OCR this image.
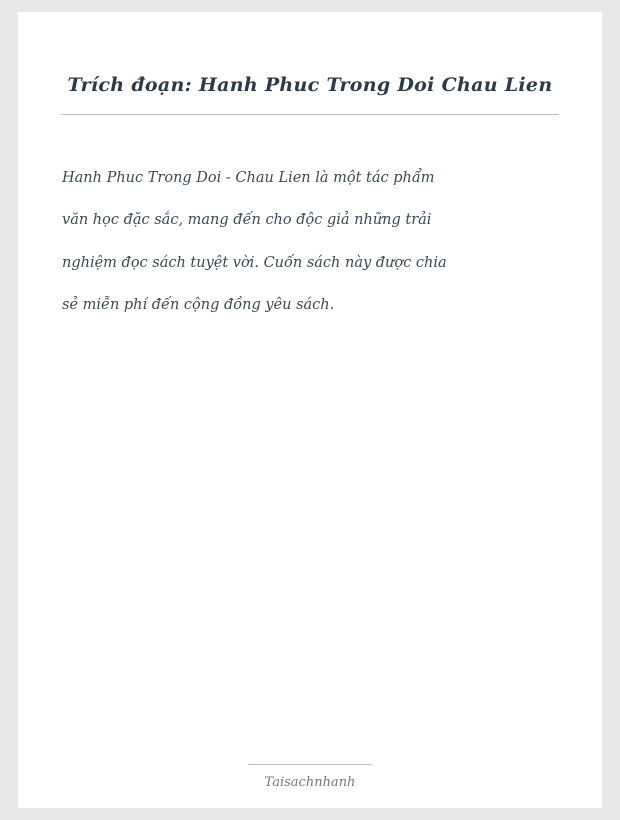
Trích đoạn: Hanh Phuc Trong Doi Chau Lien

Hanh Phuc Trong Doi - Chau Lien là một tác phẩm

văn học đặc sắc, mang đến cho độc giả những trải

nghiệm đọc sách tuyệt vời. Cuốn sách này được chia

sẻ miễn phí đến cộng đồng yêu sách.

Taisachnhanh
